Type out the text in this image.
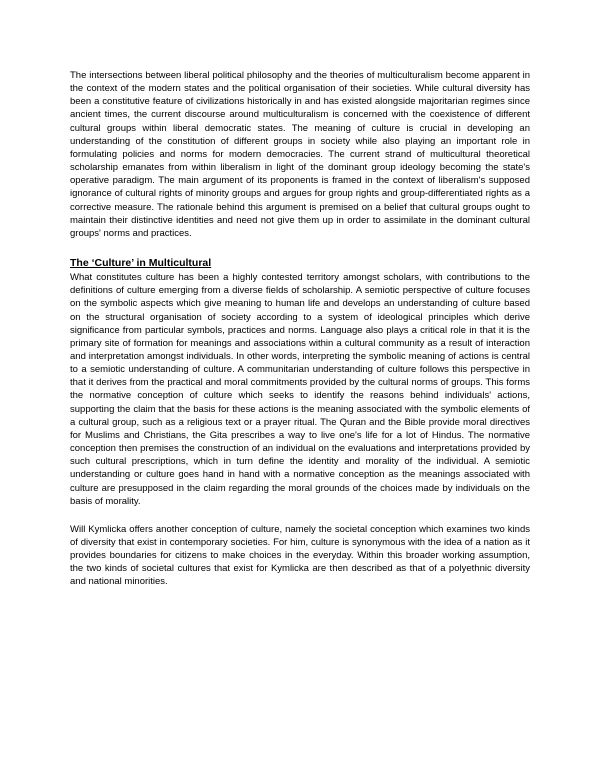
The intersections between liberal political philosophy and the theories of multiculturalism become apparent in the context of the modern states and the political organisation of their societies. While cultural diversity has been a constitutive feature of civilizations historically in and has existed alongside majoritarian regimes since ancient times, the current discourse around multiculturalism is concerned with the coexistence of different cultural groups within liberal democratic states. The meaning of culture is crucial in developing an understanding of the constitution of different groups in society while also playing an important role in formulating policies and norms for modern democracies. The current strand of multicultural theoretical scholarship emanates from within liberalism in light of the dominant group ideology becoming the state's operative paradigm. The main argument of its proponents is framed in the context of liberalism's supposed ignorance of cultural rights of minority groups and argues for group rights and group-differentiated rights as a corrective measure. The rationale behind this argument is premised on a belief that cultural groups ought to maintain their distinctive identities and need not give them up in order to assimilate in the dominant cultural groups' norms and practices.

The ‘Culture’ in Multicultural

What constitutes culture has been a highly contested territory amongst scholars, with contributions to the definitions of culture emerging from a diverse fields of scholarship. A semiotic perspective of culture focuses on the symbolic aspects which give meaning to human life and develops an understanding of culture based on the structural organisation of society according to a system of ideological principles which derive significance from particular symbols, practices and norms. Language also plays a critical role in that it is the primary site of formation for meanings and associations within a cultural community as a result of interaction and interpretation amongst individuals. In other words, interpreting the symbolic meaning of actions is central to a semiotic understanding of culture. A communitarian understanding of culture follows this perspective in that it derives from the practical and moral commitments provided by the cultural norms of groups. This forms the normative conception of culture which seeks to identify the reasons behind individuals' actions, supporting the claim that the basis for these actions is the meaning associated with the symbolic elements of a cultural group, such as a religious text or a prayer ritual. The Quran and the Bible provide moral directives for Muslims and Christians, the Gita prescribes a way to live one's life for a lot of Hindus. The normative conception then premises the construction of an individual on the evaluations and interpretations provided by such cultural prescriptions, which in turn define the identity and morality of the individual. A semiotic understanding or culture goes hand in hand with a normative conception as the meanings associated with culture are presupposed in the claim regarding the moral grounds of the choices made by individuals on the basis of morality.

Will Kymlicka offers another conception of culture, namely the societal conception which examines two kinds of diversity that exist in contemporary societies. For him, culture is synonymous with the idea of a nation as it provides boundaries for citizens to make choices in the everyday. Within this broader working assumption, the two kinds of societal cultures that exist for Kymlicka are then described as that of a polyethnic diversity and national minorities.
